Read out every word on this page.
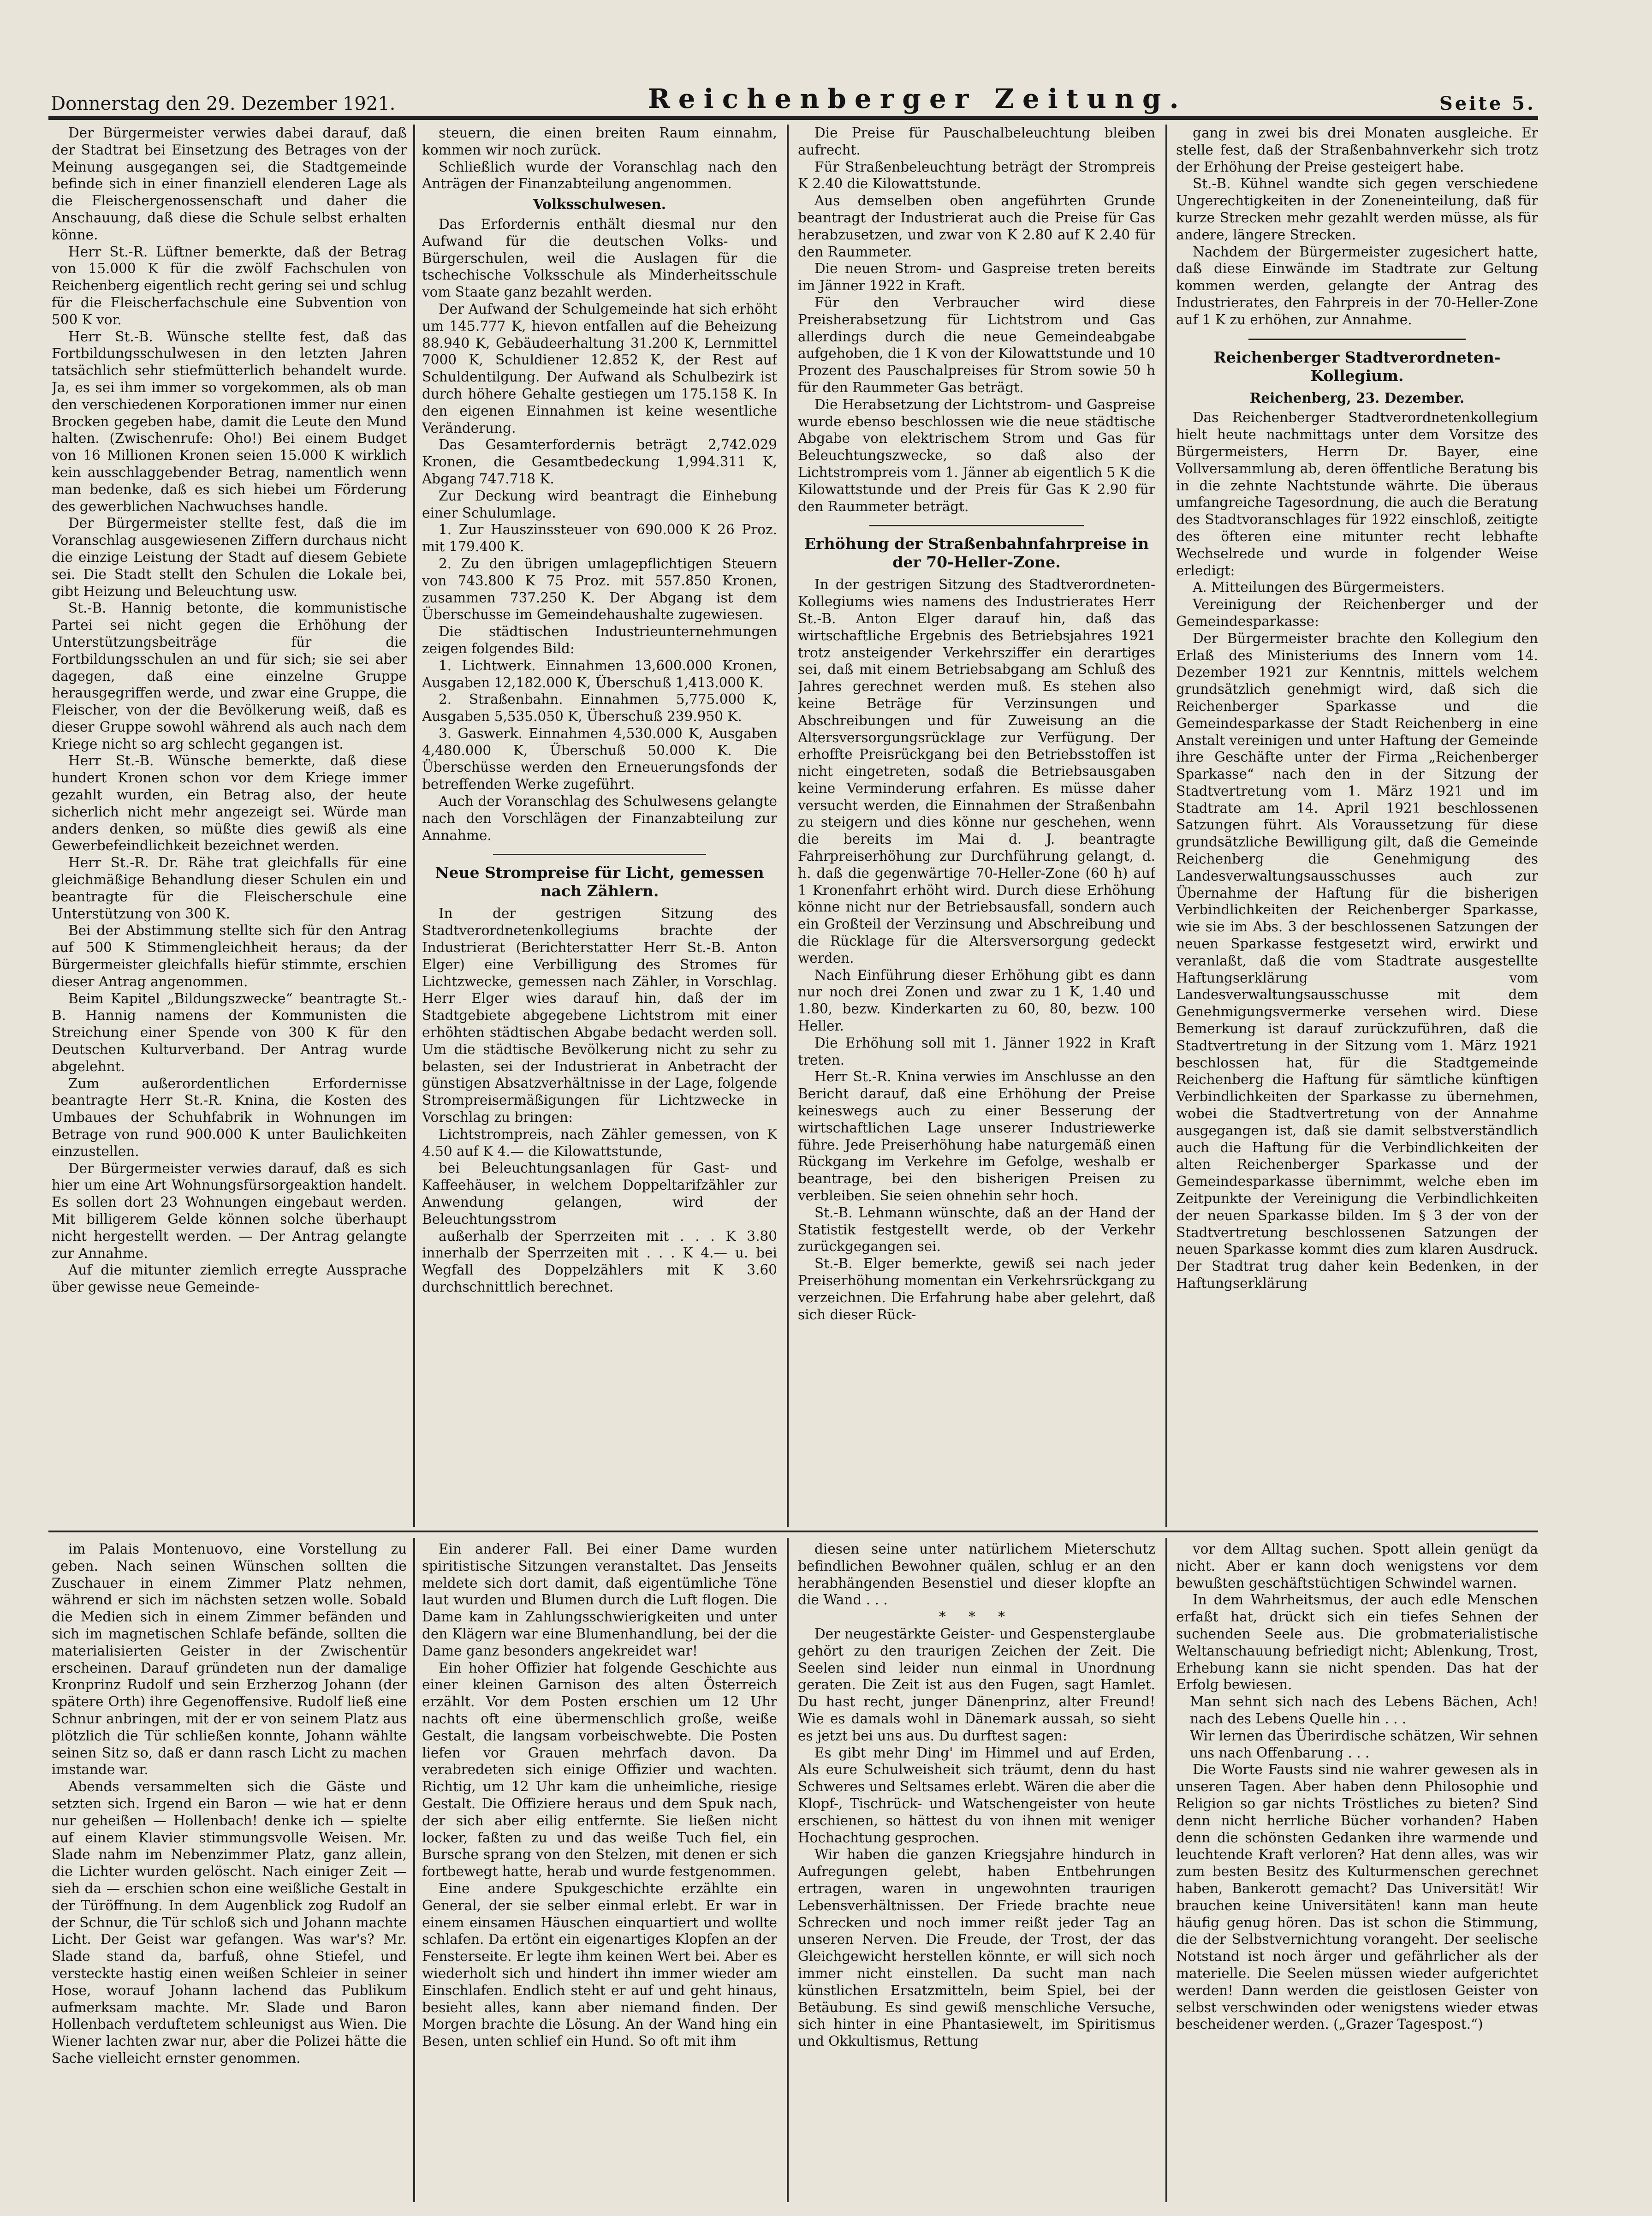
Donnerstag den 29. Dezember 1921.	Reichenberger Zeitung.	Seite 5.

Der Bürgermeister verwies dabei darauf, daß der Stadtrat bei Einsetzung des Betrages von der Meinung ausgegangen sei, die Stadtgemeinde befinde sich in einer finanziell elenderen Lage als die Fleischergenossenschaft und daher die Anschauung, daß diese die Schule selbst erhalten könne.

Herr St.-R. Lüftner bemerkte, daß der Betrag von 15.000 K für die zwölf Fachschulen von Reichenberg eigentlich recht gering sei und schlug für die Fleischerfachschule eine Subvention von 500 K vor.

Herr St.-B. Wünsche stellte fest, daß das Fortbildungsschulwesen in den letzten Jahren tatsächlich sehr stiefmütterlich behandelt wurde. Ja, es sei ihm immer so vorgekommen, als ob man den verschiedenen Korporationen immer nur einen Brocken gegeben habe, damit die Leute den Mund halten. (Zwischenrufe: Oho!) Bei einem Budget von 16 Millionen Kronen seien 15.000 K wirklich kein ausschlaggebender Betrag, namentlich wenn man bedenke, daß es sich hiebei um Förderung des gewerblichen Nachwuchses handle.

Der Bürgermeister stellte fest, daß die im Voranschlag ausgewiesenen Ziffern durchaus nicht die einzige Leistung der Stadt auf diesem Gebiete sei. Die Stadt stellt den Schulen die Lokale bei, gibt Heizung und Beleuchtung usw.

St.-B. Hannig betonte, die kommunistische Partei sei nicht gegen die Erhöhung der Unterstützungsbeiträge für die Fortbildungsschulen an und für sich; sie sei aber dagegen, daß eine einzelne Gruppe herausgegriffen werde, und zwar eine Gruppe, die Fleischer, von der die Bevölkerung weiß, daß es dieser Gruppe sowohl während als auch nach dem Kriege nicht so arg schlecht gegangen ist.

Herr St.-B. Wünsche bemerkte, daß diese hundert Kronen schon vor dem Kriege immer gezahlt wurden, ein Betrag also, der heute sicherlich nicht mehr angezeigt sei. Würde man anders denken, so müßte dies gewiß als eine Gewerbefeindlichkeit bezeichnet werden.

Herr St.-R. Dr. Rähe trat gleichfalls für eine gleichmäßige Behandlung dieser Schulen ein und beantragte für die Fleischerschule eine Unterstützung von 300 K.

Bei der Abstimmung stellte sich für den Antrag auf 500 K Stimmengleichheit heraus; da der Bürgermeister gleichfalls hiefür stimmte, erschien dieser Antrag angenommen.

Beim Kapitel „Bildungszwecke“ beantragte St.-B. Hannig namens der Kommunisten die Streichung einer Spende von 300 K für den Deutschen Kulturverband. Der Antrag wurde abgelehnt.

Zum außerordentlichen Erfordernisse beantragte Herr St.-R. Knina, die Kosten des Umbaues der Schuhfabrik in Wohnungen im Betrage von rund 900.000 K unter Baulichkeiten einzustellen.

Der Bürgermeister verwies darauf, daß es sich hier um eine Art Wohnungsfürsorgeaktion handelt. Es sollen dort 23 Wohnungen eingebaut werden. Mit billigerem Gelde können solche überhaupt nicht hergestellt werden. — Der Antrag gelangte zur Annahme.

Auf die mitunter ziemlich erregte Aussprache über gewisse neue Gemeinde-

steuern, die einen breiten Raum einnahm, kommen wir noch zurück.

Schließlich wurde der Voranschlag nach den Anträgen der Finanzabteilung angenommen.

Volksschulwesen.

Das Erfordernis enthält diesmal nur den Aufwand für die deutschen Volks- und Bürgerschulen, weil die Auslagen für die tschechische Volksschule als Minderheitsschule vom Staate ganz bezahlt werden.

Der Aufwand der Schulgemeinde hat sich erhöht um 145.777 K, hievon entfallen auf die Beheizung 88.940 K, Gebäudeerhaltung 31.200 K, Lernmittel 7000 K, Schuldiener 12.852 K, der Rest auf Schuldentilgung. Der Aufwand als Schulbezirk ist durch höhere Gehalte gestiegen um 175.158 K. In den eigenen Einnahmen ist keine wesentliche Veränderung.

Das Gesamterfordernis beträgt 2,742.029 Kronen, die Gesamtbedeckung 1,994.311 K, Abgang 747.718 K.

Zur Deckung wird beantragt die Einhebung einer Schulumlage.

1. Zur Hauszinssteuer von 690.000 K 26 Proz. mit 179.400 K.

2. Zu den übrigen umlagepflichtigen Steuern von 743.800 K 75 Proz. mit 557.850 Kronen, zusammen 737.250 K. Der Abgang ist dem Überschusse im Gemeindehaushalte zugewiesen.

Die städtischen Industrieunternehmungen zeigen folgendes Bild:

1. Lichtwerk. Einnahmen 13,600.000 Kronen, Ausgaben 12,182.000 K, Überschuß 1,413.000 K.

2. Straßenbahn. Einnahmen 5,775.000 K, Ausgaben 5,535.050 K, Überschuß 239.950 K.

3. Gaswerk. Einnahmen 4,530.000 K, Ausgaben 4,480.000 K, Überschuß 50.000 K. Die Überschüsse werden den Erneuerungsfonds der betreffenden Werke zugeführt.

Auch der Voranschlag des Schulwesens gelangte nach den Vorschlägen der Finanzabteilung zur Annahme.

Neue Strompreise für Licht, gemessen nach Zählern.

In der gestrigen Sitzung des Stadtverordnetenkollegiums brachte der Industrierat (Berichterstatter Herr St.-B. Anton Elger) eine Verbilligung des Stromes für Lichtzwecke, gemessen nach Zähler, in Vorschlag. Herr Elger wies darauf hin, daß der im Stadtgebiete abgegebene Lichtstrom mit einer erhöhten städtischen Abgabe bedacht werden soll. Um die städtische Bevölkerung nicht zu sehr zu belasten, sei der Industrierat in Anbetracht der günstigen Absatzverhältnisse in der Lage, folgende Strompreisermäßigungen für Lichtzwecke in Vorschlag zu bringen:

Lichtstrompreis, nach Zähler gemessen, von K 4.50 auf K 4.— die Kilowattstunde,

bei Beleuchtungsanlagen für Gast- und Kaffeehäuser, in welchem Doppeltarifzähler zur Anwendung gelangen, wird der Beleuchtungsstrom

außerhalb der Sperrzeiten mit . . . K 3.80 innerhalb der Sperrzeiten mit . . . K 4.— u. bei Wegfall des Doppelzählers mit K 3.60 durchschnittlich berechnet.

Die Preise für Pauschalbeleuchtung bleiben aufrecht.

Für Straßenbeleuchtung beträgt der Strompreis K 2.40 die Kilowattstunde.

Aus demselben oben angeführten Grunde beantragt der Industrierat auch die Preise für Gas herabzusetzen, und zwar von K 2.80 auf K 2.40 für den Raummeter.

Die neuen Strom- und Gaspreise treten bereits im Jänner 1922 in Kraft.

Für den Verbraucher wird diese Preisherabsetzung für Lichtstrom und Gas allerdings durch die neue Gemeindeabgabe aufgehoben, die 1 K von der Kilowattstunde und 10 Prozent des Pauschalpreises für Strom sowie 50 h für den Raummeter Gas beträgt.

Die Herabsetzung der Lichtstrom- und Gaspreise wurde ebenso beschlossen wie die neue städtische Abgabe von elektrischem Strom und Gas für Beleuchtungszwecke, so daß also der Lichtstrompreis vom 1. Jänner ab eigentlich 5 K die Kilowattstunde und der Preis für Gas K 2.90 für den Raummeter beträgt.

Erhöhung der Straßenbahnfahrpreise in der 70-Heller-Zone.

In der gestrigen Sitzung des Stadtverordneten-Kollegiums wies namens des Industrierates Herr St.-B. Anton Elger darauf hin, daß das wirtschaftliche Ergebnis des Betriebsjahres 1921 trotz ansteigender Verkehrsziffer ein derartiges sei, daß mit einem Betriebsabgang am Schluß des Jahres gerechnet werden muß. Es stehen also keine Beträge für Verzinsungen und Abschreibungen und für Zuweisung an die Altersversorgungsrücklage zur Verfügung. Der erhoffte Preisrückgang bei den Betriebsstoffen ist nicht eingetreten, sodaß die Betriebsausgaben keine Verminderung erfahren. Es müsse daher versucht werden, die Einnahmen der Straßenbahn zu steigern und dies könne nur geschehen, wenn die bereits im Mai d. J. beantragte Fahrpreiserhöhung zur Durchführung gelangt, d. h. daß die gegenwärtige 70-Heller-Zone (60 h) auf 1 Kronenfahrt erhöht wird. Durch diese Erhöhung könne nicht nur der Betriebsausfall, sondern auch ein Großteil der Verzinsung und Abschreibung und die Rücklage für die Altersversorgung gedeckt werden.

Nach Einführung dieser Erhöhung gibt es dann nur noch drei Zonen und zwar zu 1 K, 1.40 und 1.80, bezw. Kinderkarten zu 60, 80, bezw. 100 Heller.

Die Erhöhung soll mit 1. Jänner 1922 in Kraft treten.

Herr St.-R. Knina verwies im Anschlusse an den Bericht darauf, daß eine Erhöhung der Preise keineswegs auch zu einer Besserung der wirtschaftlichen Lage unserer Industriewerke führe. Jede Preiserhöhung habe naturgemäß einen Rückgang im Verkehre im Gefolge, weshalb er beantrage, bei den bisherigen Preisen zu verbleiben. Sie seien ohnehin sehr hoch.

St.-B. Lehmann wünschte, daß an der Hand der Statistik festgestellt werde, ob der Verkehr zurückgegangen sei.

St.-B. Elger bemerkte, gewiß sei nach jeder Preiserhöhung momentan ein Verkehrsrückgang zu verzeichnen. Die Erfahrung habe aber gelehrt, daß sich dieser Rück-

gang in zwei bis drei Monaten ausgleiche. Er stelle fest, daß der Straßenbahnverkehr sich trotz der Erhöhung der Preise gesteigert habe.

St.-B. Kühnel wandte sich gegen verschiedene Ungerechtigkeiten in der Zoneneinteilung, daß für kurze Strecken mehr gezahlt werden müsse, als für andere, längere Strecken.

Nachdem der Bürgermeister zugesichert hatte, daß diese Einwände im Stadtrate zur Geltung kommen werden, gelangte der Antrag des Industrierates, den Fahrpreis in der 70-Heller-Zone auf 1 K zu erhöhen, zur Annahme.

Reichenberger Stadtverordneten-Kollegium.

Reichenberg, 23. Dezember.

Das Reichenberger Stadtverordnetenkollegium hielt heute nachmittags unter dem Vorsitze des Bürgermeisters, Herrn Dr. Bayer, eine Vollversammlung ab, deren öffentliche Beratung bis in die zehnte Nachtstunde währte. Die überaus umfangreiche Tagesordnung, die auch die Beratung des Stadtvoranschlages für 1922 einschloß, zeitigte des öfteren eine mitunter recht lebhafte Wechselrede und wurde in folgender Weise erledigt:

A. Mitteilungen des Bürgermeisters.

Vereinigung der Reichenberger und der Gemeindesparkasse:

Der Bürgermeister brachte den Kollegium den Erlaß des Ministeriums des Innern vom 14. Dezember 1921 zur Kenntnis, mittels welchem grundsätzlich genehmigt wird, daß sich die Reichenberger Sparkasse und die Gemeindesparkasse der Stadt Reichenberg in eine Anstalt vereinigen und unter Haftung der Gemeinde ihre Geschäfte unter der Firma „Reichenberger Sparkasse“ nach den in der Sitzung der Stadtvertretung vom 1. März 1921 und im Stadtrate am 14. April 1921 beschlossenen Satzungen führt. Als Voraussetzung für diese grundsätzliche Bewilligung gilt, daß die Gemeinde Reichenberg die Genehmigung des Landesverwaltungsausschusses auch zur Übernahme der Haftung für die bisherigen Verbindlichkeiten der Reichenberger Sparkasse, wie sie im Abs. 3 der beschlossenen Satzungen der neuen Sparkasse festgesetzt wird, erwirkt und veranlaßt, daß die vom Stadtrate ausgestellte Haftungserklärung vom Landesverwaltungsausschusse mit dem Genehmigungsvermerke versehen wird. Diese Bemerkung ist darauf zurückzuführen, daß die Stadtvertretung in der Sitzung vom 1. März 1921 beschlossen hat, für die Stadtgemeinde Reichenberg die Haftung für sämtliche künftigen Verbindlichkeiten der Sparkasse zu übernehmen, wobei die Stadtvertretung von der Annahme ausgegangen ist, daß sie damit selbstverständlich auch die Haftung für die Verbindlichkeiten der alten Reichenberger Sparkasse und der Gemeindesparkasse übernimmt, welche eben im Zeitpunkte der Vereinigung die Verbindlichkeiten der neuen Sparkasse bilden. Im § 3 der von der Stadtvertretung beschlossenen Satzungen der neuen Sparkasse kommt dies zum klaren Ausdruck. Der Stadtrat trug daher kein Bedenken, in der Haftungserklärung

im Palais Montenuovo, eine Vorstellung zu geben. Nach seinen Wünschen sollten die Zuschauer in einem Zimmer Platz nehmen, während er sich im nächsten setzen wolle. Sobald die Medien sich in einem Zimmer befänden und sich im magnetischen Schlafe befände, sollten die materialisierten Geister in der Zwischentür erscheinen. Darauf gründeten nun der damalige Kronprinz Rudolf und sein Erzherzog Johann (der spätere Orth) ihre Gegenoffensive. Rudolf ließ eine Schnur anbringen, mit der er von seinem Platz aus plötzlich die Tür schließen konnte, Johann wählte seinen Sitz so, daß er dann rasch Licht zu machen imstande war.

Abends versammelten sich die Gäste und setzten sich. Irgend ein Baron — wie hat er denn nur geheißen — Hollenbach! denke ich — spielte auf einem Klavier stimmungsvolle Weisen. Mr. Slade nahm im Nebenzimmer Platz, ganz allein, die Lichter wurden gelöscht. Nach einiger Zeit — sieh da — erschien schon eine weißliche Gestalt in der Türöffnung. In dem Augenblick zog Rudolf an der Schnur, die Tür schloß sich und Johann machte Licht. Der Geist war gefangen. Was war's? Mr. Slade stand da, barfuß, ohne Stiefel, und versteckte hastig einen weißen Schleier in seiner Hose, worauf Johann lachend das Publikum aufmerksam machte. Mr. Slade und Baron Hollenbach verduftetem schleunigst aus Wien. Die Wiener lachten zwar nur, aber die Polizei hätte die Sache vielleicht ernster genommen.

Ein anderer Fall. Bei einer Dame wurden spiritistische Sitzungen veranstaltet. Das Jenseits meldete sich dort damit, daß eigentümliche Töne laut wurden und Blumen durch die Luft flogen. Die Dame kam in Zahlungsschwierigkeiten und unter den Klägern war eine Blumenhandlung, bei der die Dame ganz besonders angekreidet war!

Ein hoher Offizier hat folgende Geschichte aus einer kleinen Garnison des alten Österreich erzählt. Vor dem Posten erschien um 12 Uhr nachts oft eine übermenschlich große, weiße Gestalt, die langsam vorbeischwebte. Die Posten liefen vor Grauen mehrfach davon. Da verabredeten sich einige Offizier und wachten. Richtig, um 12 Uhr kam die unheimliche, riesige Gestalt. Die Offiziere heraus und dem Spuk nach, der sich aber eilig entfernte. Sie ließen nicht locker, faßten zu und das weiße Tuch fiel, ein Bursche sprang von den Stelzen, mit denen er sich fortbewegt hatte, herab und wurde festgenommen.

Eine andere Spukgeschichte erzählte ein General, der sie selber einmal erlebt. Er war in einem einsamen Häuschen einquartiert und wollte schlafen. Da ertönt ein eigenartiges Klopfen an der Fensterseite. Er legte ihm keinen Wert bei. Aber es wiederholt sich und hindert ihn immer wieder am Einschlafen. Endlich steht er auf und geht hinaus, besieht alles, kann aber niemand finden. Der Morgen brachte die Lösung. An der Wand hing ein Besen, unten schlief ein Hund. So oft mit ihm

diesen seine unter natürlichem Mieterschutz befindlichen Bewohner quälen, schlug er an den herabhängenden Besenstiel und dieser klopfte an die Wand . . .

* * *

Der neugestärkte Geister- und Gespensterglaube gehört zu den traurigen Zeichen der Zeit. Die Seelen sind leider nun einmal in Unordnung geraten. Die Zeit ist aus den Fugen, sagt Hamlet. Du hast recht, junger Dänenprinz, alter Freund! Wie es damals wohl in Dänemark aussah, so sieht es jetzt bei uns aus. Du durftest sagen:

Es gibt mehr Ding' im Himmel und auf Erden, Als eure Schulweisheit sich träumt, denn du hast Schweres und Seltsames erlebt. Wären die aber die Klopf-, Tischrück- und Watschengeister von heute erschienen, so hättest du von ihnen mit weniger Hochachtung gesprochen.

Wir haben die ganzen Kriegsjahre hindurch in Aufregungen gelebt, haben Entbehrungen ertragen, waren in ungewohnten traurigen Lebensverhältnissen. Der Friede brachte neue Schrecken und noch immer reißt jeder Tag an unseren Nerven. Die Freude, der Trost, der das Gleichgewicht herstellen könnte, er will sich noch immer nicht einstellen. Da sucht man nach künstlichen Ersatzmitteln, beim Spiel, bei der Betäubung. Es sind gewiß menschliche Versuche, sich hinter in eine Phantasiewelt, im Spiritismus und Okkultismus, Rettung

vor dem Alltag suchen. Spott allein genügt da nicht. Aber er kann doch wenigstens vor dem bewußten geschäftstüchtigen Schwindel warnen.

In dem Wahrheitsmus, der auch edle Menschen erfaßt hat, drückt sich ein tiefes Sehnen der suchenden Seele aus. Die grobmaterialistische Weltanschauung befriedigt nicht; Ablenkung, Trost, Erhebung kann sie nicht spenden. Das hat der Erfolg bewiesen.

Man sehnt sich nach des Lebens Bächen, Ach! nach des Lebens Quelle hin . . .

Wir lernen das Überirdische schätzen, Wir sehnen uns nach Offenbarung . . .

Die Worte Fausts sind nie wahrer gewesen als in unseren Tagen. Aber haben denn Philosophie und Religion so gar nichts Tröstliches zu bieten? Sind denn nicht herrliche Bücher vorhanden? Haben denn die schönsten Gedanken ihre warmende und leuchtende Kraft verloren? Hat denn alles, was wir zum besten Besitz des Kulturmenschen gerechnet haben, Bankerott gemacht? Das Universität! Wir brauchen keine Universitäten! kann man heute häufig genug hören. Das ist schon die Stimmung, die der Selbstvernichtung vorangeht. Der seelische Notstand ist noch ärger und gefährlicher als der materielle. Die Seelen müssen wieder aufgerichtet werden! Dann werden die geistlosen Geister von selbst verschwinden oder wenigstens wieder etwas bescheidener werden. („Grazer Tagespost.“)
